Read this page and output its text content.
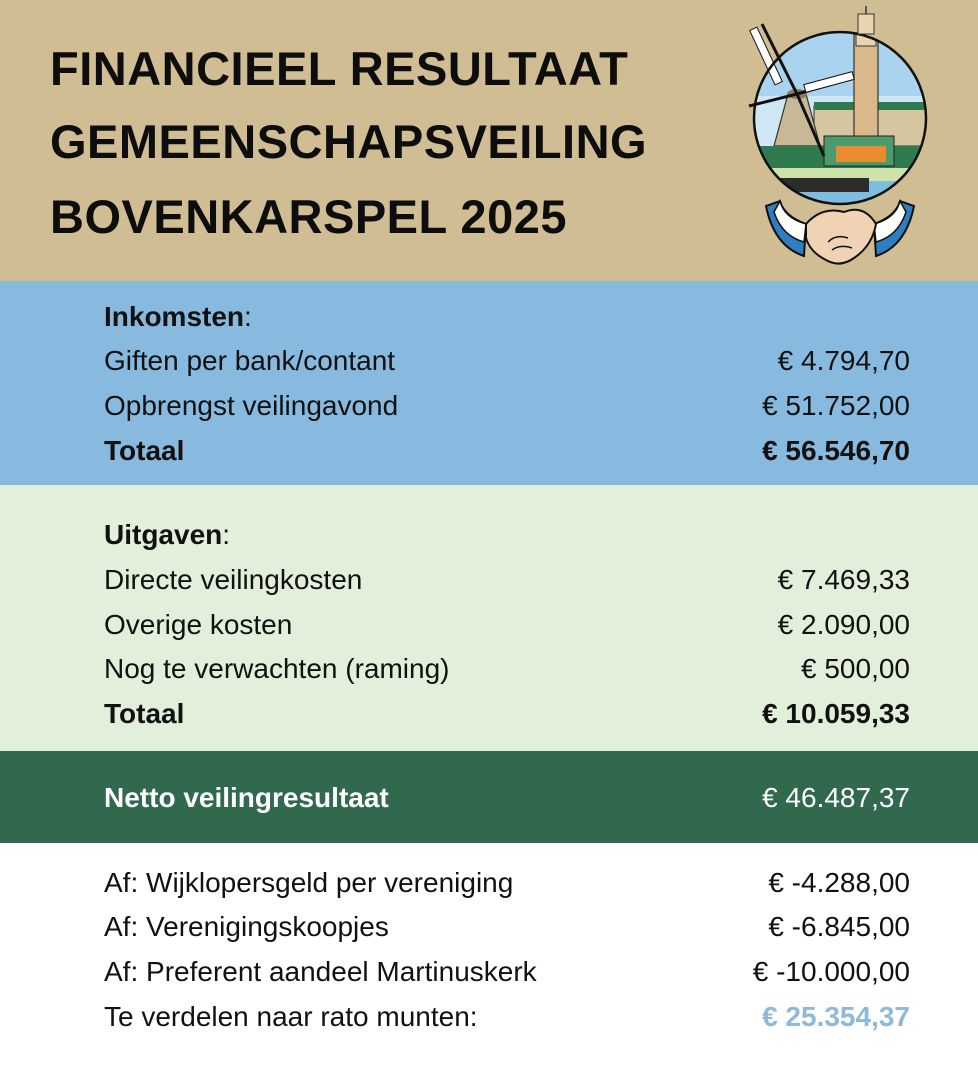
FINANCIEEL RESULTAAT
GEMEENSCHAPSVEILING
BOVENKARSPEL 2025
Inkomsten:
Giften per bank/contant	€ 4.794,70
Opbrengst veilingavond	€ 51.752,00
Totaal	€ 56.546,70
Uitgaven:
Directe veilingkosten	€ 7.469,33
Overige kosten	€ 2.090,00
Nog te verwachten (raming)	€ 500,00
Totaal	€ 10.059,33
Netto veilingresultaat	€ 46.487,37
Af: Wijklopersgeld per vereniging	€ -4.288,00
Af: Verenigingskoopjes	€ -6.845,00
Af: Preferent aandeel Martinuskerk	€ -10.000,00
Te verdelen naar rato munten:	€ 25.354,37
